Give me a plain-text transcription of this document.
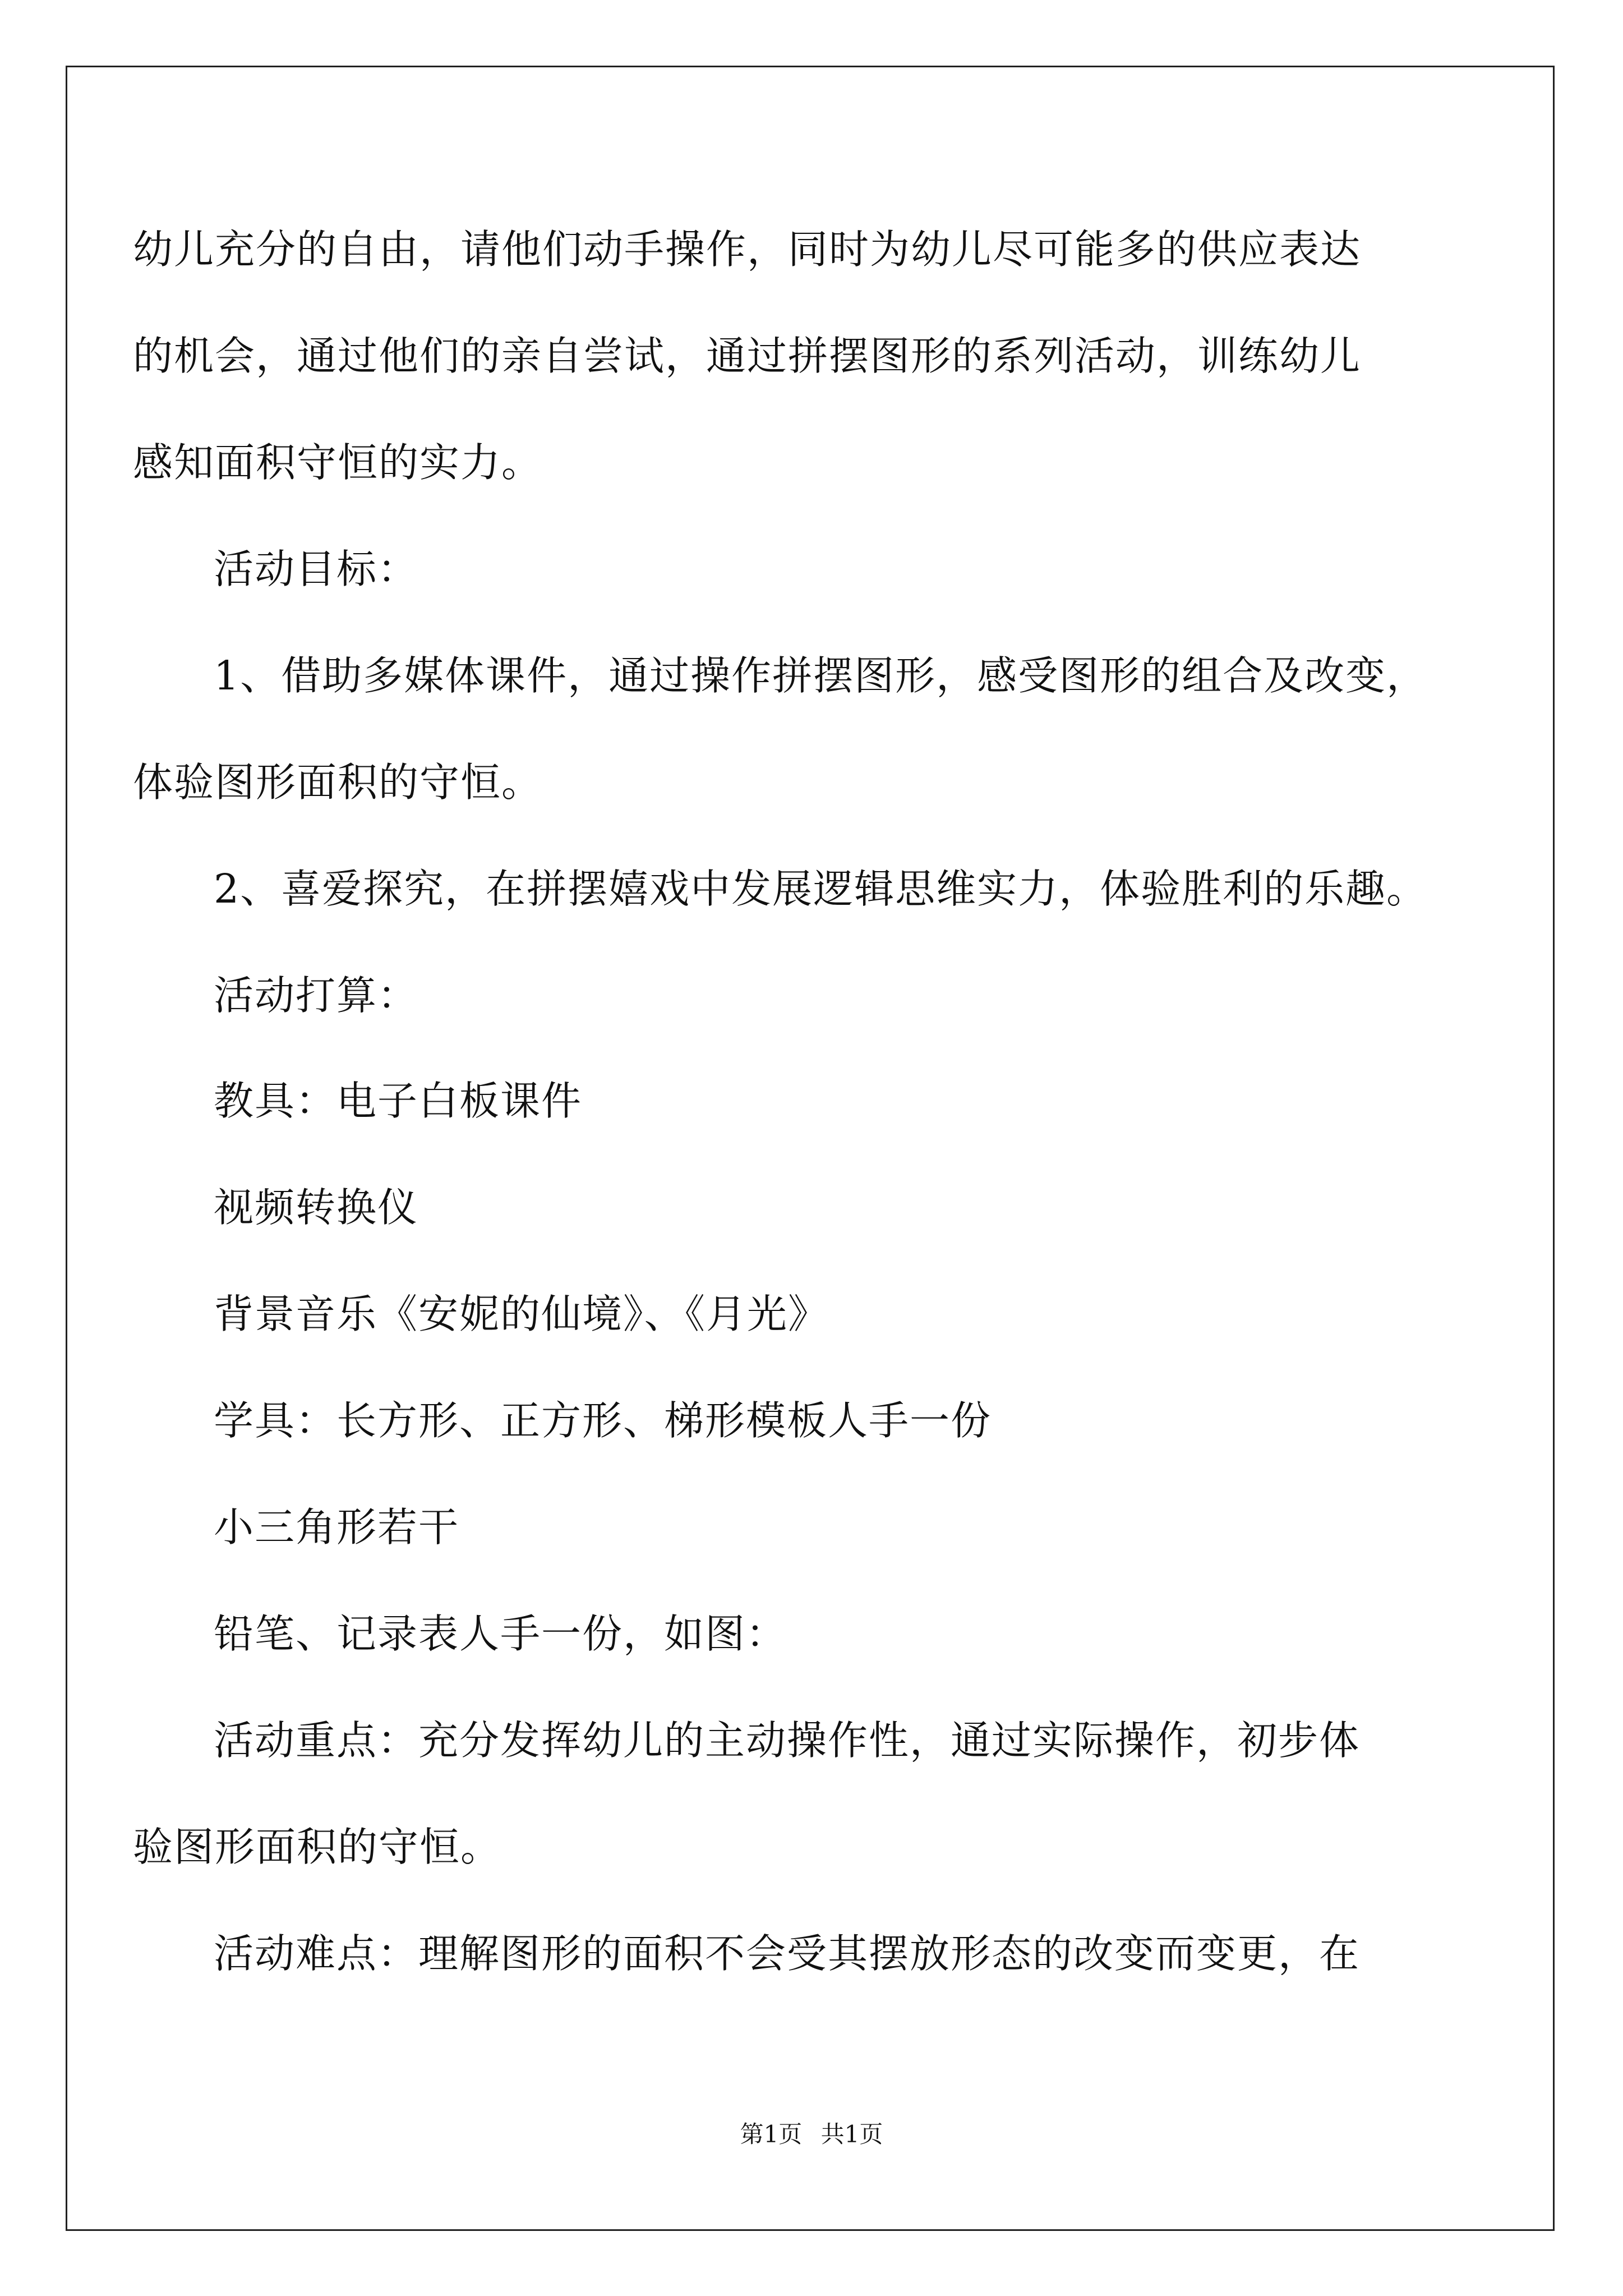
幼儿充分的自由，请他们动手操作，同时为幼儿尽可能多的供应表达
的机会，通过他们的亲自尝试，通过拼摆图形的系列活动，训练幼儿
感知面积守恒的实力。
活动目标：
1、借助多媒体课件，通过操作拼摆图形，感受图形的组合及改变，
体验图形面积的守恒。
2、喜爱探究，在拼摆嬉戏中发展逻辑思维实力，体验胜利的乐趣。
活动打算：
教具：电子白板课件
视频转换仪
背景音乐《安妮的仙境》、《月光》
学具：长方形、正方形、梯形模板人手一份
小三角形若干
铅笔、记录表人手一份，如图：
活动重点：充分发挥幼儿的主动操作性，通过实际操作，初步体
验图形面积的守恒。
活动难点：理解图形的面积不会受其摆放形态的改变而变更，在
第1页 共1页
